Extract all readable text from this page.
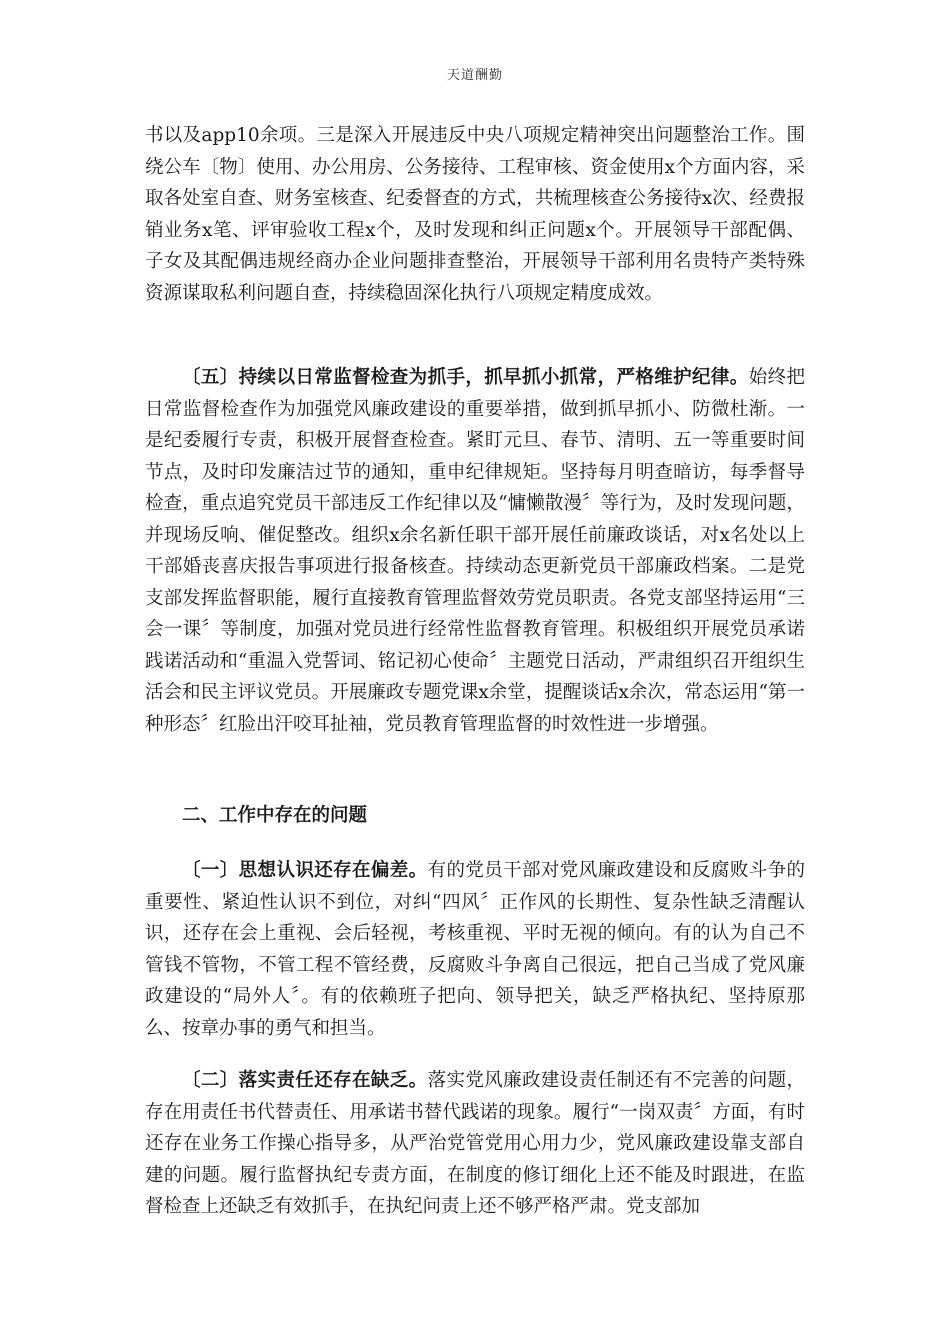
天道酬勤

书以及app10余项。三是深入开展违反中央八项规定精神突出问题整治工作。围绕公车〔物〕使用、办公用房、公务接待、工程审核、资金使用x个方面内容，采取各处室自查、财务室核查、纪委督查的方式，共梳理核查公务接待x次、经费报销业务x笔、评审验收工程x个，及时发现和纠正问题x个。开展领导干部配偶、子女及其配偶违规经商办企业问题排查整治，开展领导干部利用名贵特产类特殊资源谋取私利问题自查，持续稳固深化执行八项规定精度成效。

〔五〕持续以日常监督检查为抓手，抓早抓小抓常，严格维护纪律。始终把日常监督检查作为加强党风廉政建设的重要举措，做到抓早抓小、防微杜渐。一是纪委履行专责，积极开展督查检查。紧盯元旦、春节、清明、五一等重要时间节点，及时印发廉洁过节的通知，重申纪律规矩。坚持每月明查暗访，每季督导检查，重点追究党员干部违反工作纪律以及“慵懒散漫〞等行为，及时发现问题，并现场反响、催促整改。组织x余名新任职干部开展任前廉政谈话，对x名处以上干部婚丧喜庆报告事项进行报备核查。持续动态更新党员干部廉政档案。二是党支部发挥监督职能，履行直接教育管理监督效劳党员职责。各党支部坚持运用“三会一课〞等制度，加强对党员进行经常性监督教育管理。积极组织开展党员承诺践诺活动和“重温入党誓词、铭记初心使命〞主题党日活动，严肃组织召开组织生活会和民主评议党员。开展廉政专题党课x余堂，提醒谈话x余次，常态运用“第一种形态〞红脸出汗咬耳扯袖，党员教育管理监督的时效性进一步增强。

二、工作中存在的问题

〔一〕思想认识还存在偏差。有的党员干部对党风廉政建设和反腐败斗争的重要性、紧迫性认识不到位，对纠“四风〞正作风的长期性、复杂性缺乏清醒认识，还存在会上重视、会后轻视，考核重视、平时无视的倾向。有的认为自己不管钱不管物，不管工程不管经费，反腐败斗争离自己很远，把自己当成了党风廉政建设的“局外人〞。有的依赖班子把向、领导把关，缺乏严格执纪、坚持原那么、按章办事的勇气和担当。

〔二〕落实责任还存在缺乏。落实党风廉政建设责任制还有不完善的问题，存在用责任书代替责任、用承诺书替代践诺的现象。履行“一岗双责〞方面，有时还存在业务工作操心指导多，从严治党管党用心用力少，党风廉政建设靠支部自建的问题。履行监督执纪专责方面，在制度的修订细化上还不能及时跟进，在监督检查上还缺乏有效抓手，在执纪问责上还不够严格严肃。党支部加
